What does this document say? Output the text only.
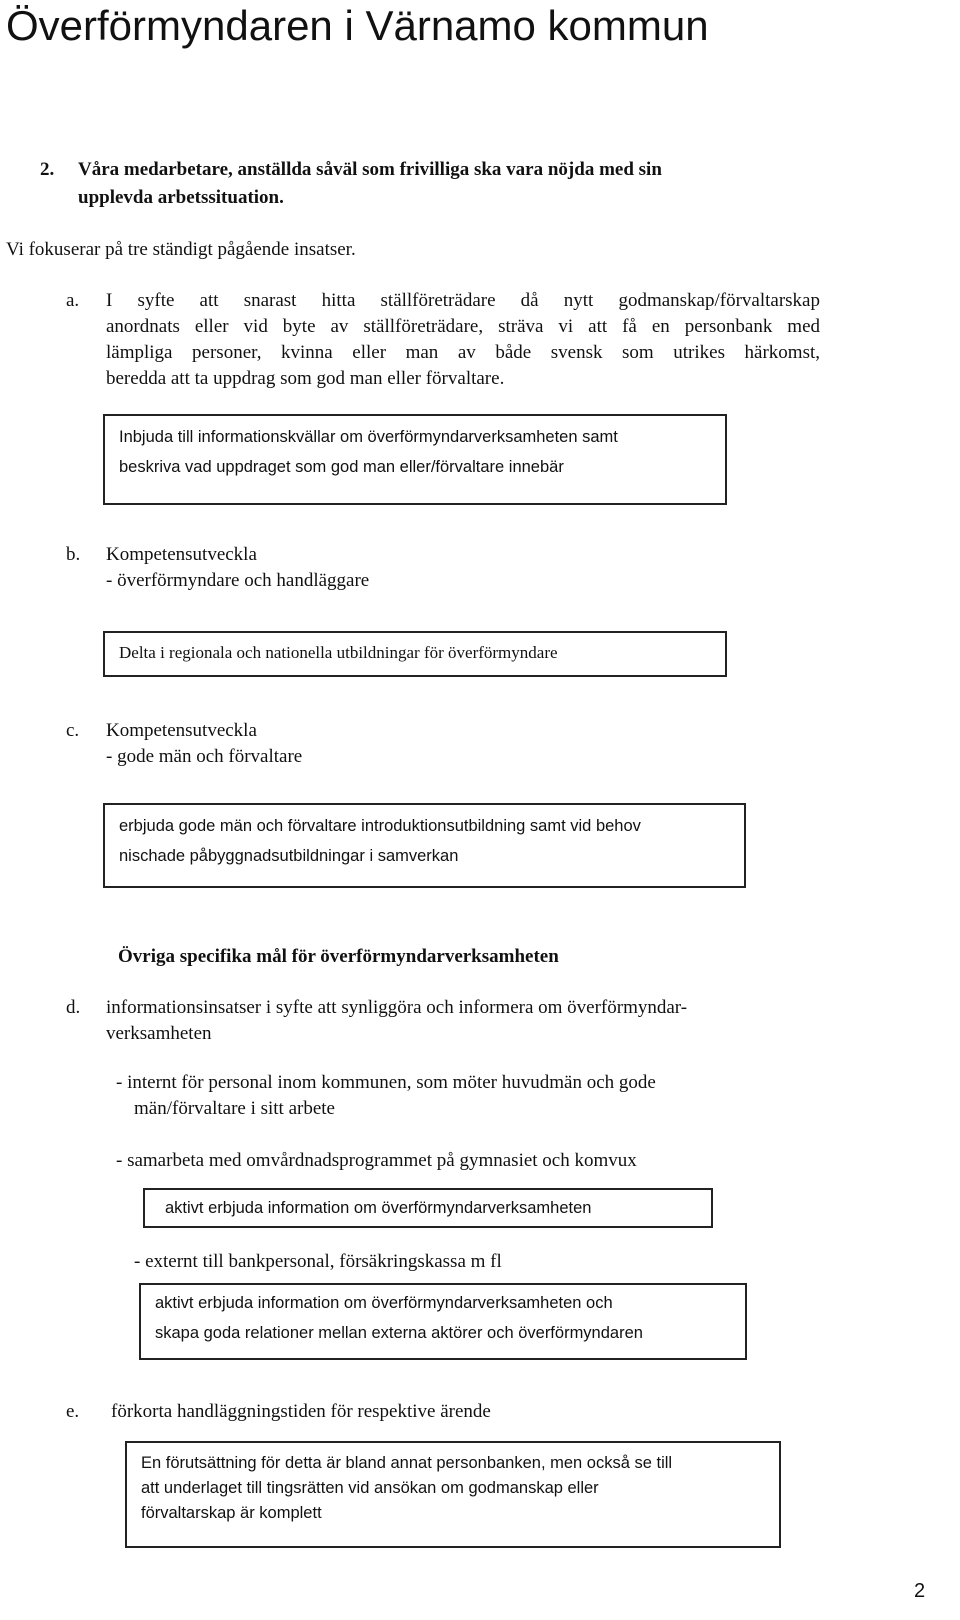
Överförmyndaren i Värnamo kommun
2. Våra medarbetare, anställda såväl som frivilliga ska vara nöjda med sin
upplevda arbetssituation.
Vi fokuserar på tre ständigt pågående insatser.
a. I syfte att snarast hitta ställföreträdare då nytt godmanskap/förvaltarskap
anordnats eller vid byte av ställföreträdare, sträva vi att få en personbank med
lämpliga personer, kvinna eller man av både svensk som utrikes härkomst,
beredda att ta uppdrag som god man eller förvaltare.
Inbjuda till informationskvällar om överförmyndarverksamheten samt
beskriva vad uppdraget som god man eller/förvaltare innebär
b. Kompetensutveckla
- överförmyndare och handläggare
Delta i regionala och nationella utbildningar för överförmyndare
c. Kompetensutveckla
- gode män och förvaltare
erbjuda gode män och förvaltare introduktionsutbildning samt vid behov
nischade påbyggnadsutbildningar i samverkan
Övriga specifika mål för överförmyndarverksamheten
d. informationsinsatser i syfte att synliggöra och informera om överförmyndar-
verksamheten
- internt för personal inom kommunen, som möter huvudmän och gode
män/förvaltare i sitt arbete
- samarbeta med omvårdnadsprogrammet på gymnasiet och komvux
aktivt erbjuda information om överförmyndarverksamheten
- externt till bankpersonal, försäkringskassa m fl
aktivt erbjuda information om överförmyndarverksamheten och
skapa goda relationer mellan externa aktörer och överförmyndaren
e. förkorta handläggningstiden för respektive ärende
En förutsättning för detta är bland annat personbanken, men också se till
att underlaget till tingsrätten vid ansökan om godmanskap eller
förvaltarskap är komplett
2
